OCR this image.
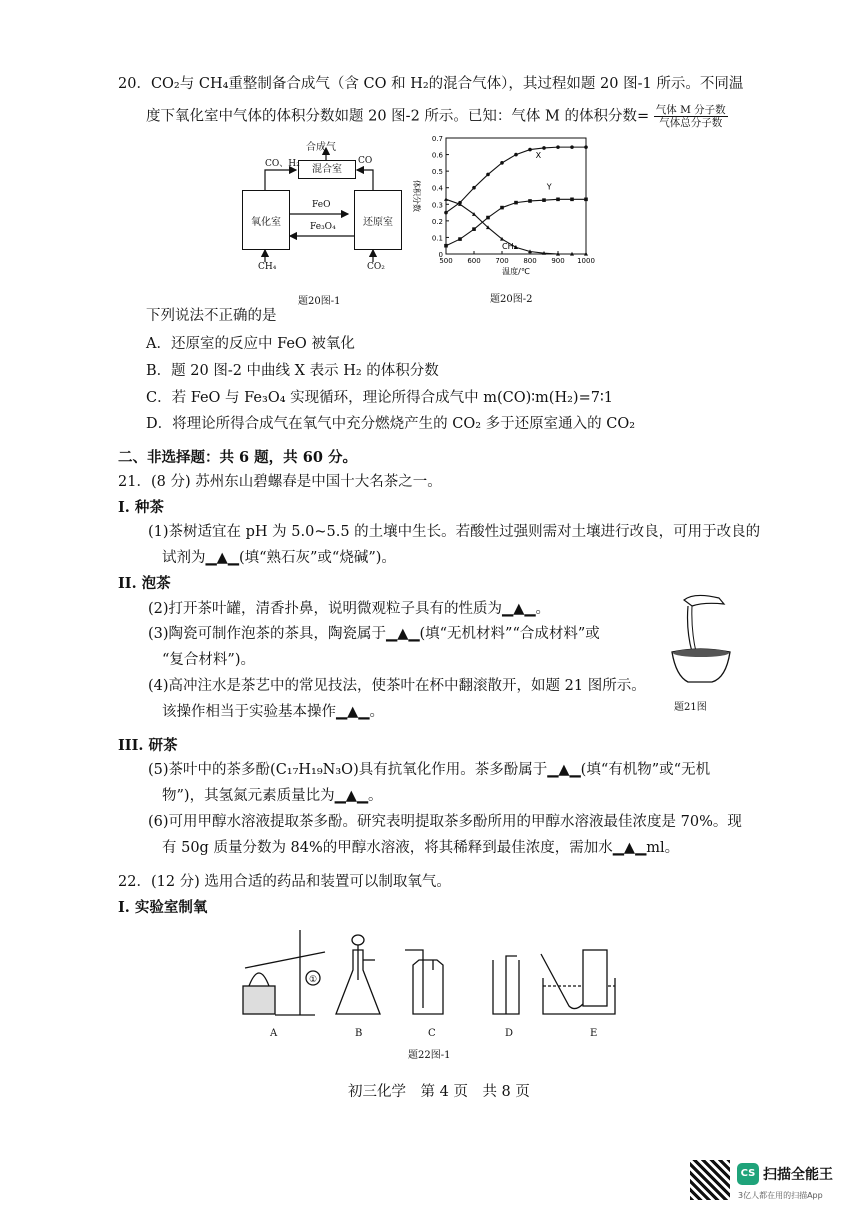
20．CO₂与 CH₄重整制备合成气（含 CO 和 H₂的混合气体），其过程如题 20 图-1 所示。不同温
度下氧化室中气体的体积分数如题 20 图-2 所示。已知：气体 M 的体积分数= $\frac{\text{气体 M 分子数}}{\text{气体总分子数}}$
合成气
混合室
CO、H₂	CO
氧化室	还原室
FeO
Fe₃O₄
CH₄	CO₂
题20图-1
0
0.1
0.2
0.3
0.4
0.5
0.6
0.7
500 600 700 800 900 1000
体积分数
温度/℃
X
Y
CH₄
题20图-2
下列说法不正确的是
A．还原室的反应中 FeO 被氧化
B．题 20 图-2 中曲线 X 表示 H₂ 的体积分数
C．若 FeO 与 Fe₃O₄ 实现循环，理论所得合成气中 m(CO)∶m(H₂)=7∶1
D．将理论所得合成气在氧气中充分燃烧产生的 CO₂ 多于还原室通入的 CO₂
二、非选择题：共 6 题，共 60 分。
21．(8 分) 苏州东山碧螺春是中国十大名茶之一。
I. 种茶
(1)茶树适宜在 pH 为 5.0~5.5 的土壤中生长。若酸性过强则需对土壤进行改良，可用于改良的
试剂为▁▲▁(填“熟石灰”或“烧碱”)。
II. 泡茶
(2)打开茶叶罐，清香扑鼻，说明微观粒子具有的性质为▁▲▁。
(3)陶瓷可制作泡茶的茶具，陶瓷属于▁▲▁(填“无机材料”“合成材料”或
“复合材料”)。
(4)高冲注水是茶艺中的常见技法，使茶叶在杯中翻滚散开，如题 21 图所示。
该操作相当于实验基本操作▁▲▁。	题21图
III. 研茶
(5)茶叶中的茶多酚(C₁₇H₁₉N₃O)具有抗氧化作用。茶多酚属于▁▲▁(填“有机物”或“无机
物”)，其氢氮元素质量比为▁▲▁。
(6)可用甲醇水溶液提取茶多酚。研究表明提取茶多酚所用的甲醇水溶液最佳浓度是 70%。现
有 50g 质量分数为 84%的甲醇水溶液，将其稀释到最佳浓度，需加水▁▲▁ml。
22．(12 分) 选用合适的药品和装置可以制取氧气。
I. 实验室制氧
①
A	B	C	D	E
题22图-1
初三化学　第 4 页　共 8 页
CS 扫描全能王
3亿人都在用的扫描App
